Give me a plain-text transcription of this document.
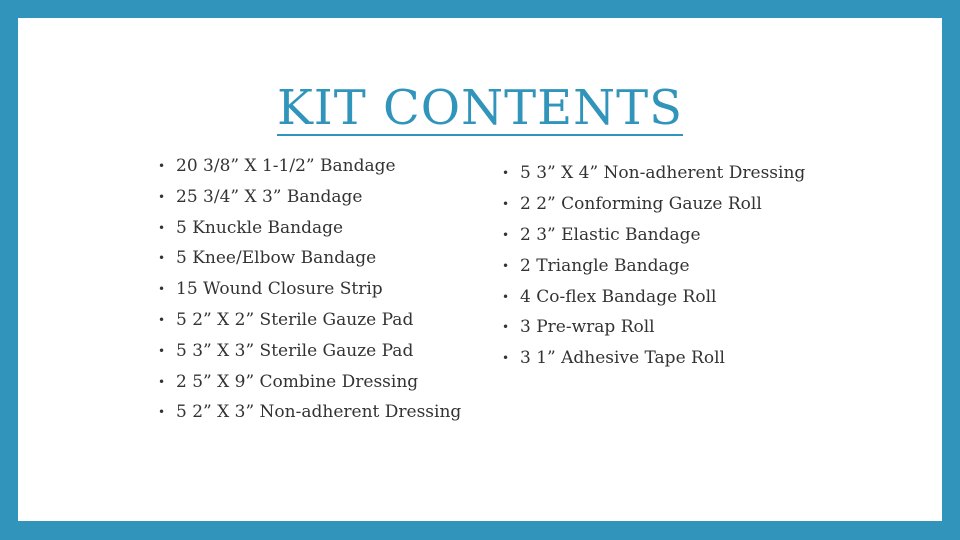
KIT CONTENTS
• 20 3/8” X 1-1/2” Bandage
• 25 3/4” X 3” Bandage
• 5 Knuckle Bandage
• 5 Knee/Elbow Bandage
• 15 Wound Closure Strip
• 5 2” X 2” Sterile Gauze Pad
• 5 3” X 3” Sterile Gauze Pad
• 2 5” X 9” Combine Dressing
• 5 2” X 3” Non-adherent Dressing
• 5 3” X 4” Non-adherent Dressing
• 2 2” Conforming Gauze Roll
• 2 3” Elastic Bandage
• 2 Triangle Bandage
• 4 Co-flex Bandage Roll
• 3 Pre-wrap Roll
• 3 1” Adhesive Tape Roll
